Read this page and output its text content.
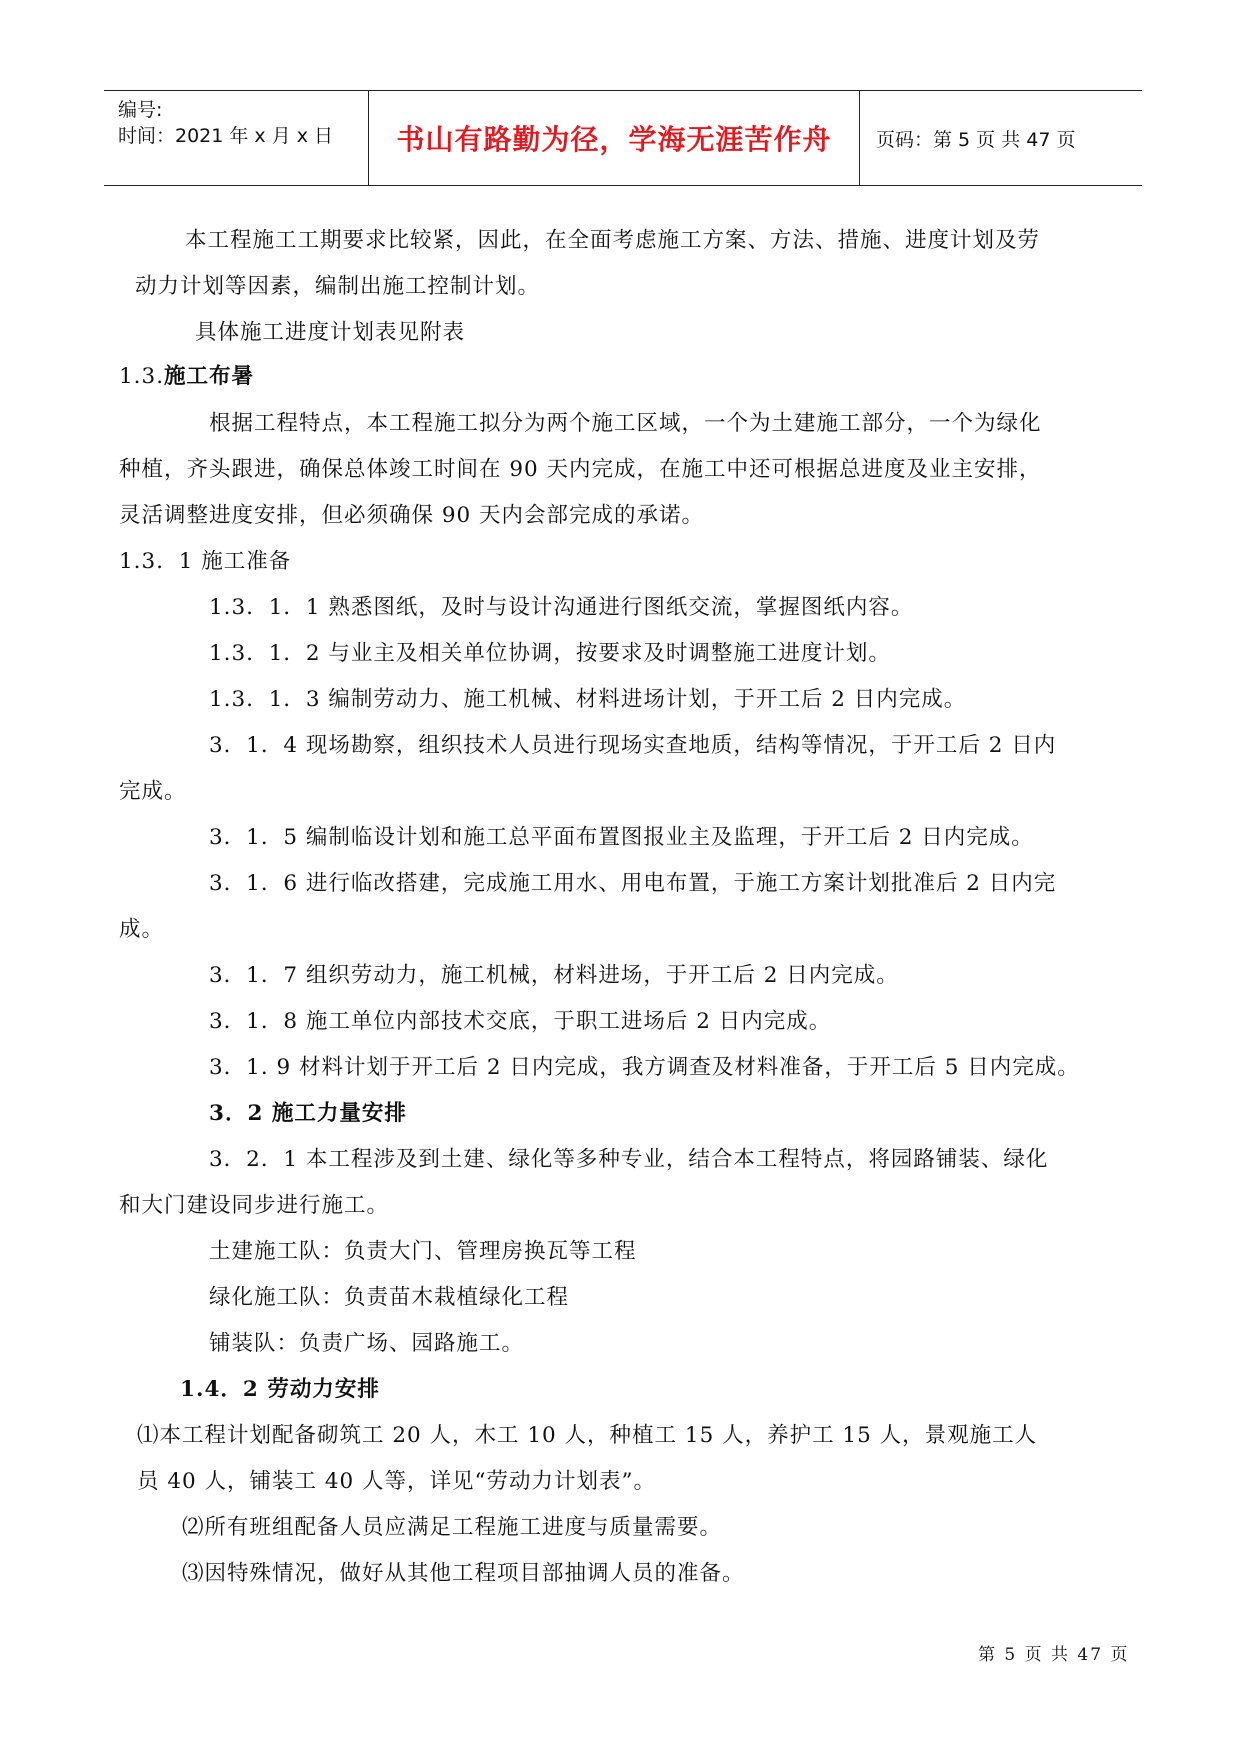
编号:
时间：2021 年 x 月 x 日 书山有路勤为径，学海无涯苦作舟 页码：第 5 页 共 47 页
本工程施工工期要求比较紧，因此，在全面考虑施工方案、方法、措施、进度计划及劳
动力计划等因素，编制出施工控制计划。
具体施工进度计划表见附表
1.3.施工布暑
根据工程特点，本工程施工拟分为两个施工区域，一个为土建施工部分，一个为绿化
种植，齐头跟进，确保总体竣工时间在 90 天内完成，在施工中还可根据总进度及业主安排，
灵活调整进度安排，但必须确保 90 天内会部完成的承诺。
1.3．1 施工准备
1.3．1．1 熟悉图纸，及时与设计沟通进行图纸交流，掌握图纸内容。
1.3．1．2 与业主及相关单位协调，按要求及时调整施工进度计划。
1.3．1．3 编制劳动力、施工机械、材料进场计划，于开工后 2 日内完成。
3．1．4 现场勘察，组织技术人员进行现场实查地质，结构等情况，于开工后 2 日内
完成。
3．1．5 编制临设计划和施工总平面布置图报业主及监理，于开工后 2 日内完成。
3．1．6 进行临改搭建，完成施工用水、用电布置，于施工方案计划批准后 2 日内完
成。
3．1．7 组织劳动力，施工机械，材料进场，于开工后 2 日内完成。
3．1．8 施工单位内部技术交底，于职工进场后 2 日内完成。
3．1. 9 材料计划于开工后 2 日内完成，我方调查及材料准备，于开工后 5 日内完成。
3．2 施工力量安排
3．2．1 本工程涉及到土建、绿化等多种专业，结合本工程特点，将园路铺装、绿化
和大门建设同步进行施工。
土建施工队：负责大门、管理房换瓦等工程
绿化施工队：负责苗木栽植绿化工程
铺装队：负责广场、园路施工。
1.4．2 劳动力安排
⑴本工程计划配备砌筑工 20 人，木工 10 人，种植工 15 人，养护工 15 人，景观施工人
员 40 人，铺装工 40 人等，详见“劳动力计划表”。
⑵所有班组配备人员应满足工程施工进度与质量需要。
⑶因特殊情况，做好从其他工程项目部抽调人员的准备。
第 5 页 共 47 页
